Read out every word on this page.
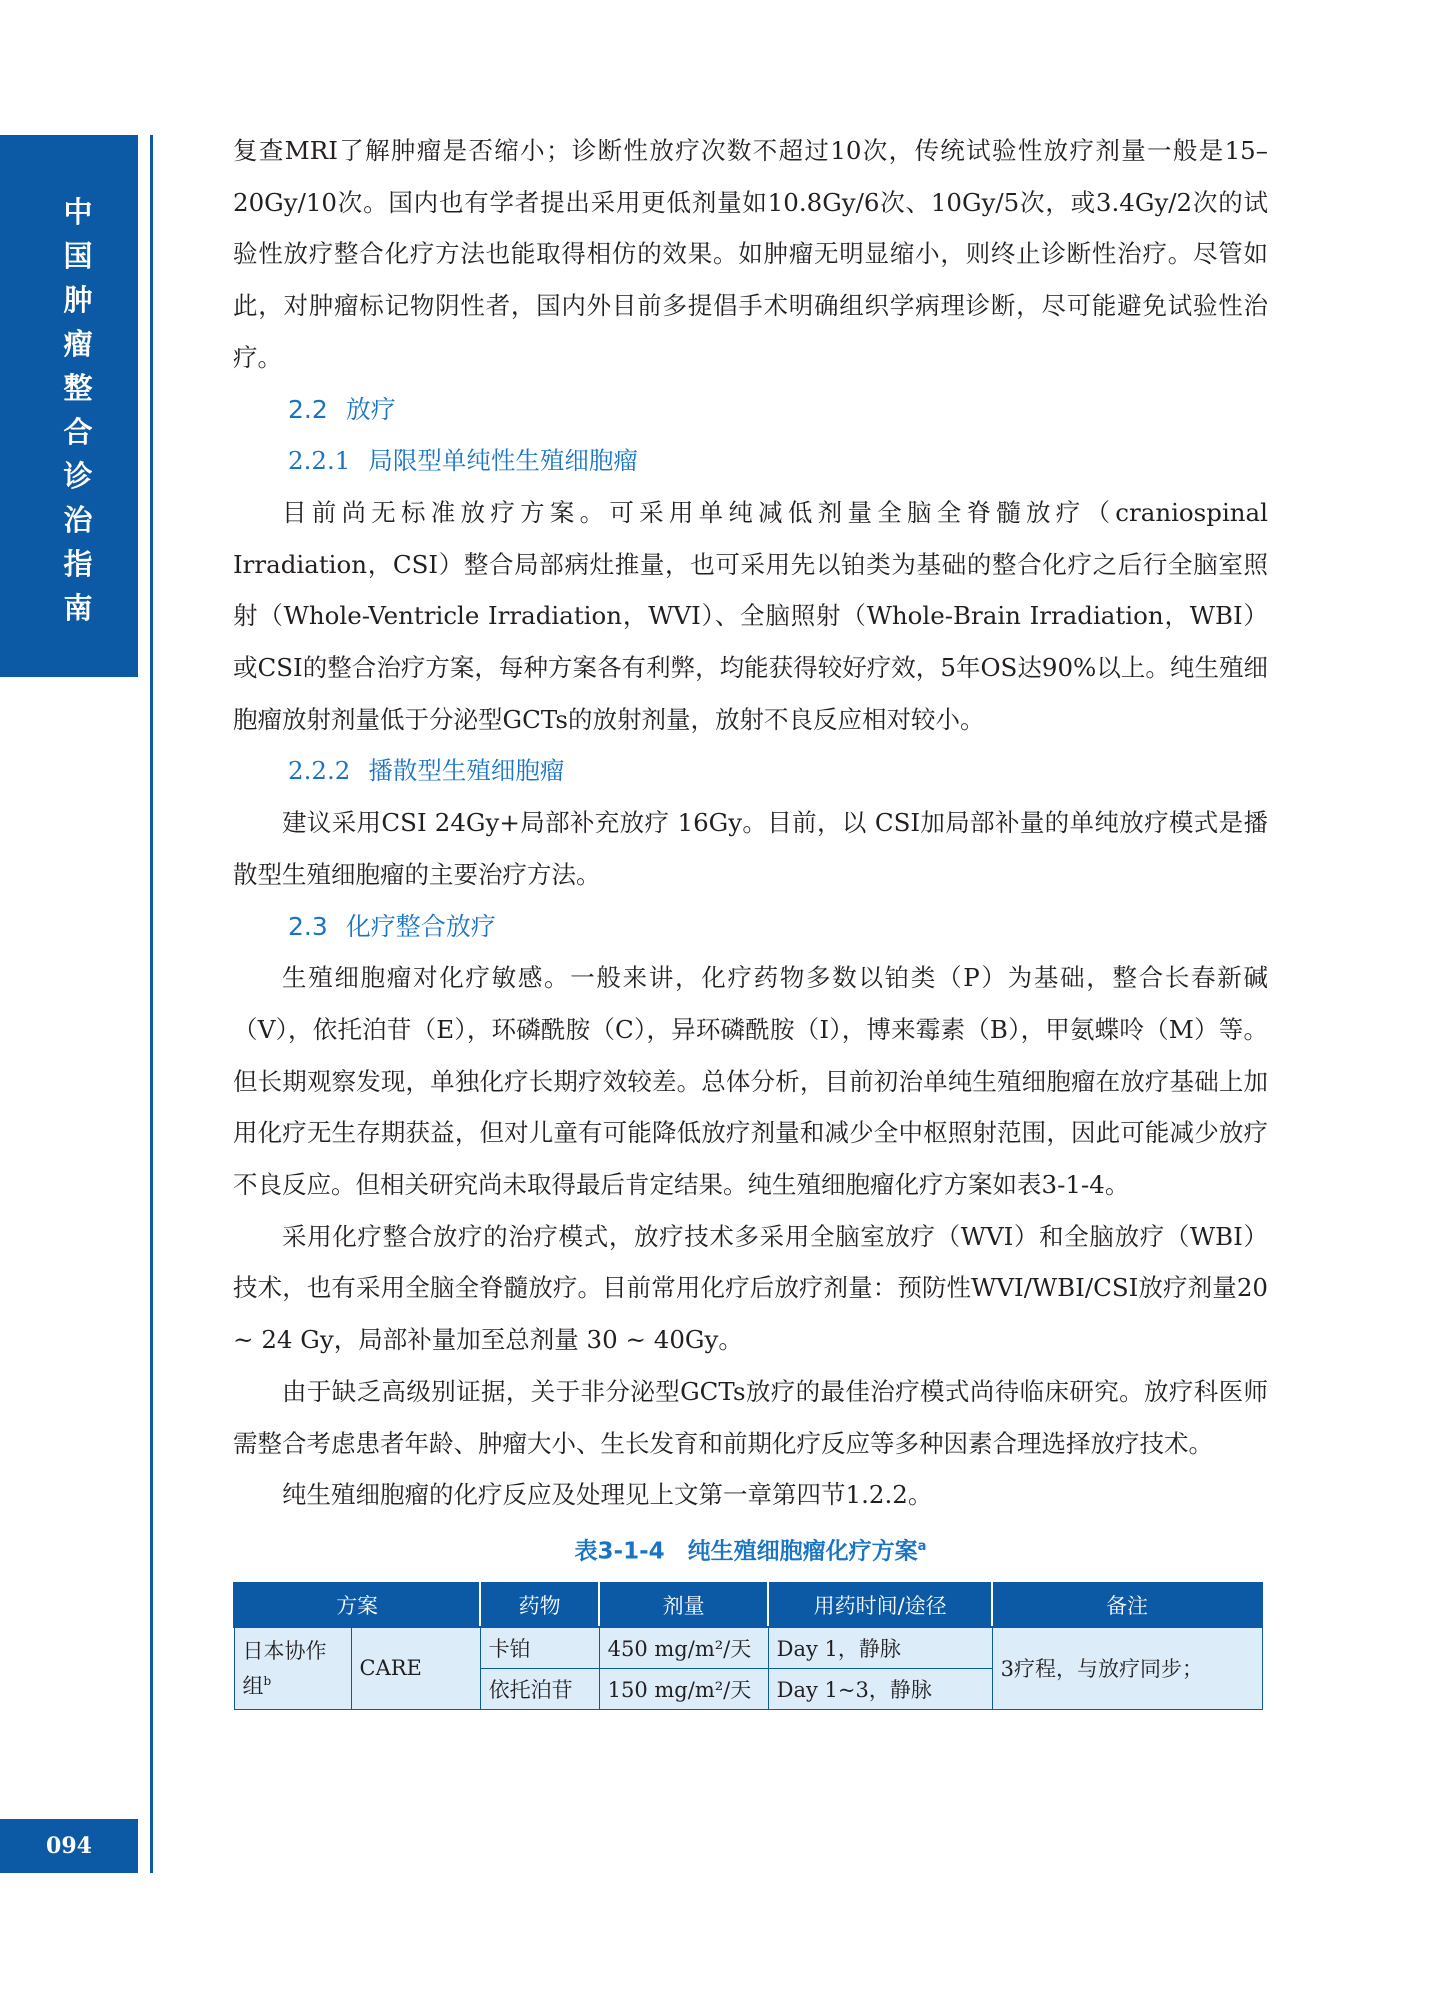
中国肿瘤整合诊治指南
094

复查MRI了解肿瘤是否缩小；诊断性放疗次数不超过10次，传统试验性放疗剂量一般是15–20Gy/10次。国内也有学者提出采用更低剂量如10.8Gy/6次、10Gy/5次，或3.4Gy/2次的试验性放疗整合化疗方法也能取得相仿的效果。如肿瘤无明显缩小，则终止诊断性治疗。尽管如此，对肿瘤标记物阴性者，国内外目前多提倡手术明确组织学病理诊断，尽可能避免试验性治疗。

2.2 放疗
2.2.1 局限型单纯性生殖细胞瘤

目前尚无标准放疗方案。可采用单纯减低剂量全脑全脊髓放疗（craniospinal Irradiation，CSI）整合局部病灶推量，也可采用先以铂类为基础的整合化疗之后行全脑室照射（Whole-Ventricle Irradiation，WVI）、全脑照射（Whole-Brain Irradiation，WBI）或CSI的整合治疗方案，每种方案各有利弊，均能获得较好疗效，5年OS达90%以上。纯生殖细胞瘤放射剂量低于分泌型GCTs的放射剂量，放射不良反应相对较小。

2.2.2 播散型生殖细胞瘤

建议采用CSI 24Gy+局部补充放疗 16Gy。目前，以 CSI加局部补量的单纯放疗模式是播散型生殖细胞瘤的主要治疗方法。

2.3 化疗整合放疗

生殖细胞瘤对化疗敏感。一般来讲，化疗药物多数以铂类（P）为基础，整合长春新碱（V），依托泊苷（E），环磷酰胺（C），异环磷酰胺（I），博来霉素（B），甲氨蝶呤（M）等。但长期观察发现，单独化疗长期疗效较差。总体分析，目前初治单纯生殖细胞瘤在放疗基础上加用化疗无生存期获益，但对儿童有可能降低放疗剂量和减少全中枢照射范围，因此可能减少放疗不良反应。但相关研究尚未取得最后肯定结果。纯生殖细胞瘤化疗方案如表3-1-4。

采用化疗整合放疗的治疗模式，放疗技术多采用全脑室放疗（WVI）和全脑放疗（WBI）技术，也有采用全脑全脊髓放疗。目前常用化疗后放疗剂量：预防性WVI/WBI/CSI放疗剂量20 ~ 24 Gy，局部补量加至总剂量 30 ~ 40Gy。

由于缺乏高级别证据，关于非分泌型GCTs放疗的最佳治疗模式尚待临床研究。放疗科医师需整合考虑患者年龄、肿瘤大小、生长发育和前期化疗反应等多种因素合理选择放疗技术。

纯生殖细胞瘤的化疗反应及处理见上文第一章第四节1.2.2。

表3-1-4　纯生殖细胞瘤化疗方案$^a$
方案		药物	剂量	用药时间/途径	备注
日本协作组$^b$	CARE	卡铂	450 mg/m²/天	Day 1，静脉	3疗程，与放疗同步；
		依托泊苷	150 mg/m²/天	Day 1~3，静脉	
